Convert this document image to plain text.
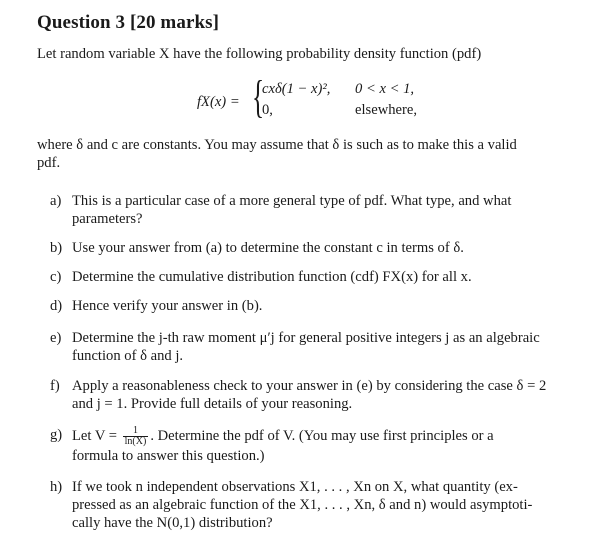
Question 3 [20 marks]
Let random variable X have the following probability density function (pdf)
fX(x) = {
cxδ(1 − x)², 0 < x < 1,
0,	elsewhere,
where δ and c are constants. You may assume that δ is such as to make this a valid
pdf.
a) This is a particular case of a more general type of pdf. What type, and what
parameters?
b) Use your answer from (a) to determine the constant c in terms of δ.
c) Determine the cumulative distribution function (cdf) FX(x) for all x.
d) Hence verify your answer in (b).
e) Determine the j-th raw moment μ′j for general positive integers j as an algebraic
function of δ and j.
f) Apply a reasonableness check to your answer in (e) by considering the case δ = 2
and j = 1. Provide full details of your reasoning.
g) Let $V = \frac{1}{\ln(X)}$ . Determine the pdf of V. (You may use first principles or a
formula to answer this question.)
h) If we took n independent observations X1, . . . , Xn on X, what quantity (ex-
pressed as an algebraic function of the X1, . . . , Xn, δ and n) would asymptoti-
cally have the N(0,1) distribution?
